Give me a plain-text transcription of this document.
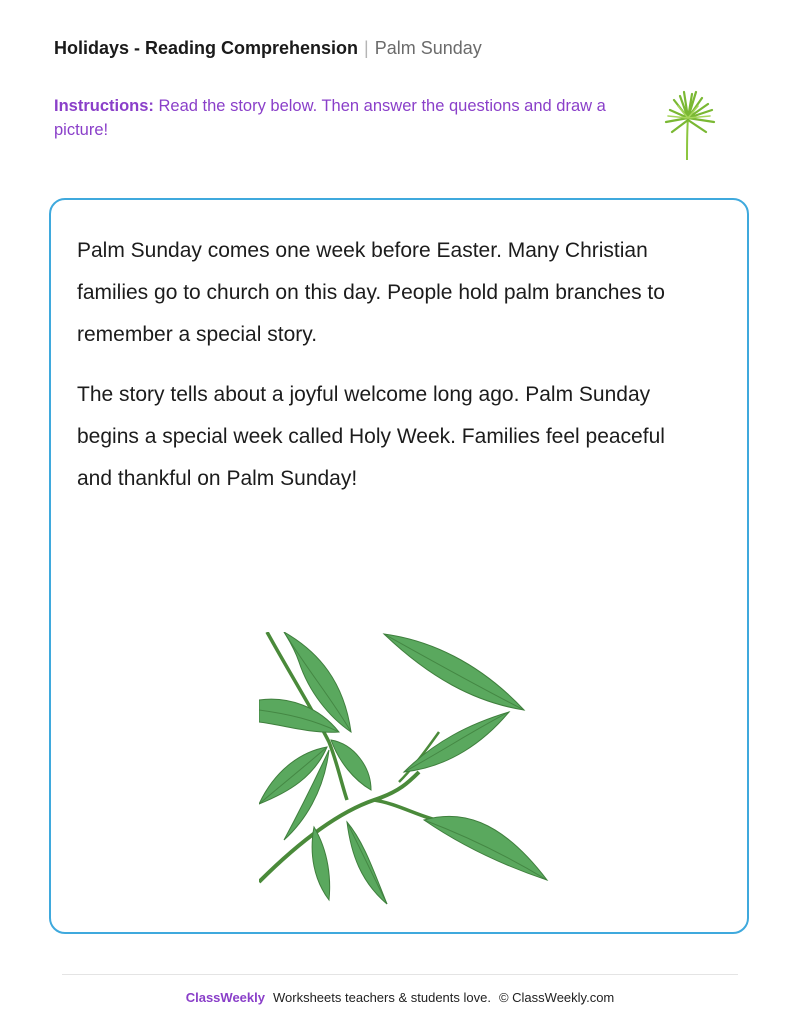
Holidays - Reading Comprehension | Palm Sunday
Instructions: Read the story below. Then answer the questions and draw a picture!

Palm Sunday comes one week before Easter. Many Christian families go to church on this day. People hold palm branches to remember a special story.

The story tells about a joyful welcome long ago. Palm Sunday begins a special week called Holy Week. Families feel peaceful and thankful on Palm Sunday!

ClassWeekly Worksheets teachers & students love. © ClassWeekly.com
